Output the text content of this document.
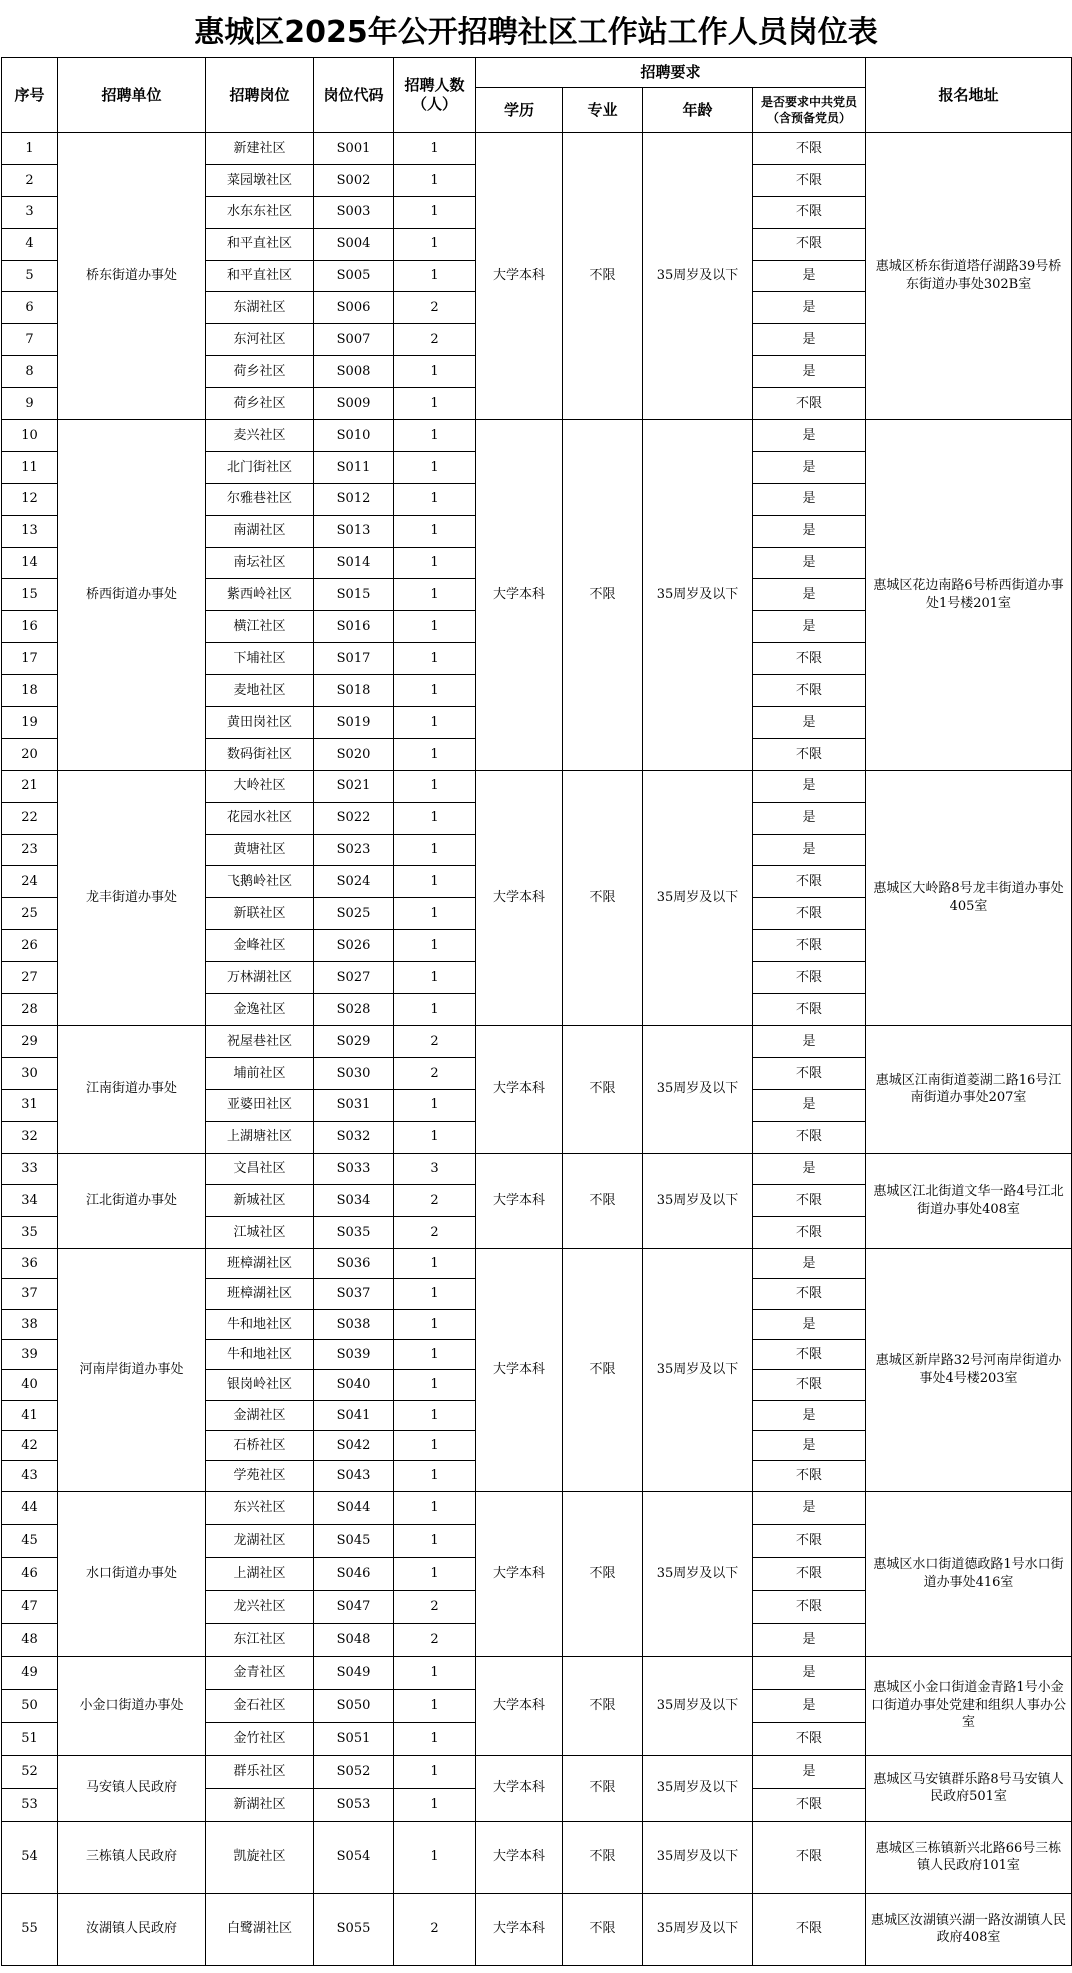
惠城区2025年公开招聘社区工作站工作人员岗位表
序号	招聘单位	招聘岗位	岗位代码	招聘人数（人）	招聘要求				报名地址
					学历	专业	年龄	是否要求中共党员（含预备党员）	
1	桥东街道办事处	新建社区	S001	1	大学本科	不限	35周岁及以下	不限	惠城区桥东街道塔仔湖路39号桥东街道办事处302B室
2		菜园墩社区	S002	1				不限	
3		水东东社区	S003	1				不限	
4		和平直社区	S004	1				不限	
5		和平直社区	S005	1				是	
6		东湖社区	S006	2				是	
7		东河社区	S007	2				是	
8		荷乡社区	S008	1				是	
9		荷乡社区	S009	1				不限	
10	桥西街道办事处	麦兴社区	S010	1	大学本科	不限	35周岁及以下	是	惠城区花边南路6号桥西街道办事处1号楼201室
11		北门街社区	S011	1				是	
12		尔雅巷社区	S012	1				是	
13		南湖社区	S013	1				是	
14		南坛社区	S014	1				是	
15		紫西岭社区	S015	1				是	
16		横江社区	S016	1				是	
17		下埔社区	S017	1				不限	
18		麦地社区	S018	1				不限	
19		黄田岗社区	S019	1				是	
20		数码街社区	S020	1				不限	
21	龙丰街道办事处	大岭社区	S021	1	大学本科	不限	35周岁及以下	是	惠城区大岭路8号龙丰街道办事处405室
22		花园水社区	S022	1				是	
23		黄塘社区	S023	1				是	
24		飞鹅岭社区	S024	1				不限	
25		新联社区	S025	1				不限	
26		金峰社区	S026	1				不限	
27		万林湖社区	S027	1				不限	
28		金逸社区	S028	1				不限	
29	江南街道办事处	祝屋巷社区	S029	2	大学本科	不限	35周岁及以下	是	惠城区江南街道菱湖二路16号江南街道办事处207室
30		埔前社区	S030	2				不限	
31		亚婆田社区	S031	1				是	
32		上湖塘社区	S032	1				不限	
33	江北街道办事处	文昌社区	S033	3	大学本科	不限	35周岁及以下	是	惠城区江北街道文华一路4号江北街道办事处408室
34		新城社区	S034	2				不限	
35		江城社区	S035	2				不限	
36	河南岸街道办事处	班樟湖社区	S036	1	大学本科	不限	35周岁及以下	是	惠城区新岸路32号河南岸街道办事处4号楼203室
37		班樟湖社区	S037	1				不限	
38		牛和地社区	S038	1				是	
39		牛和地社区	S039	1				不限	
40		银岗岭社区	S040	1				不限	
41		金湖社区	S041	1				是	
42		石桥社区	S042	1				是	
43		学苑社区	S043	1				不限	
44	水口街道办事处	东兴社区	S044	1	大学本科	不限	35周岁及以下	是	惠城区水口街道德政路1号水口街道办事处416室
45		龙湖社区	S045	1				不限	
46		上湖社区	S046	1				不限	
47		龙兴社区	S047	2				不限	
48		东江社区	S048	2				是	
49	小金口街道办事处	金青社区	S049	1	大学本科	不限	35周岁及以下	是	惠城区小金口街道金青路1号小金口街道办事处党建和组织人事办公室
50		金石社区	S050	1				是	
51		金竹社区	S051	1				不限	
52	马安镇人民政府	群乐社区	S052	1	大学本科	不限	35周岁及以下	是	惠城区马安镇群乐路8号马安镇人民政府501室
53		新湖社区	S053	1				不限	
54	三栋镇人民政府	凯旋社区	S054	1	大学本科	不限	35周岁及以下	不限	惠城区三栋镇新兴北路66号三栋镇人民政府101室
55	汝湖镇人民政府	白鹭湖社区	S055	2	大学本科	不限	35周岁及以下	不限	惠城区汝湖镇兴湖一路汝湖镇人民政府408室
